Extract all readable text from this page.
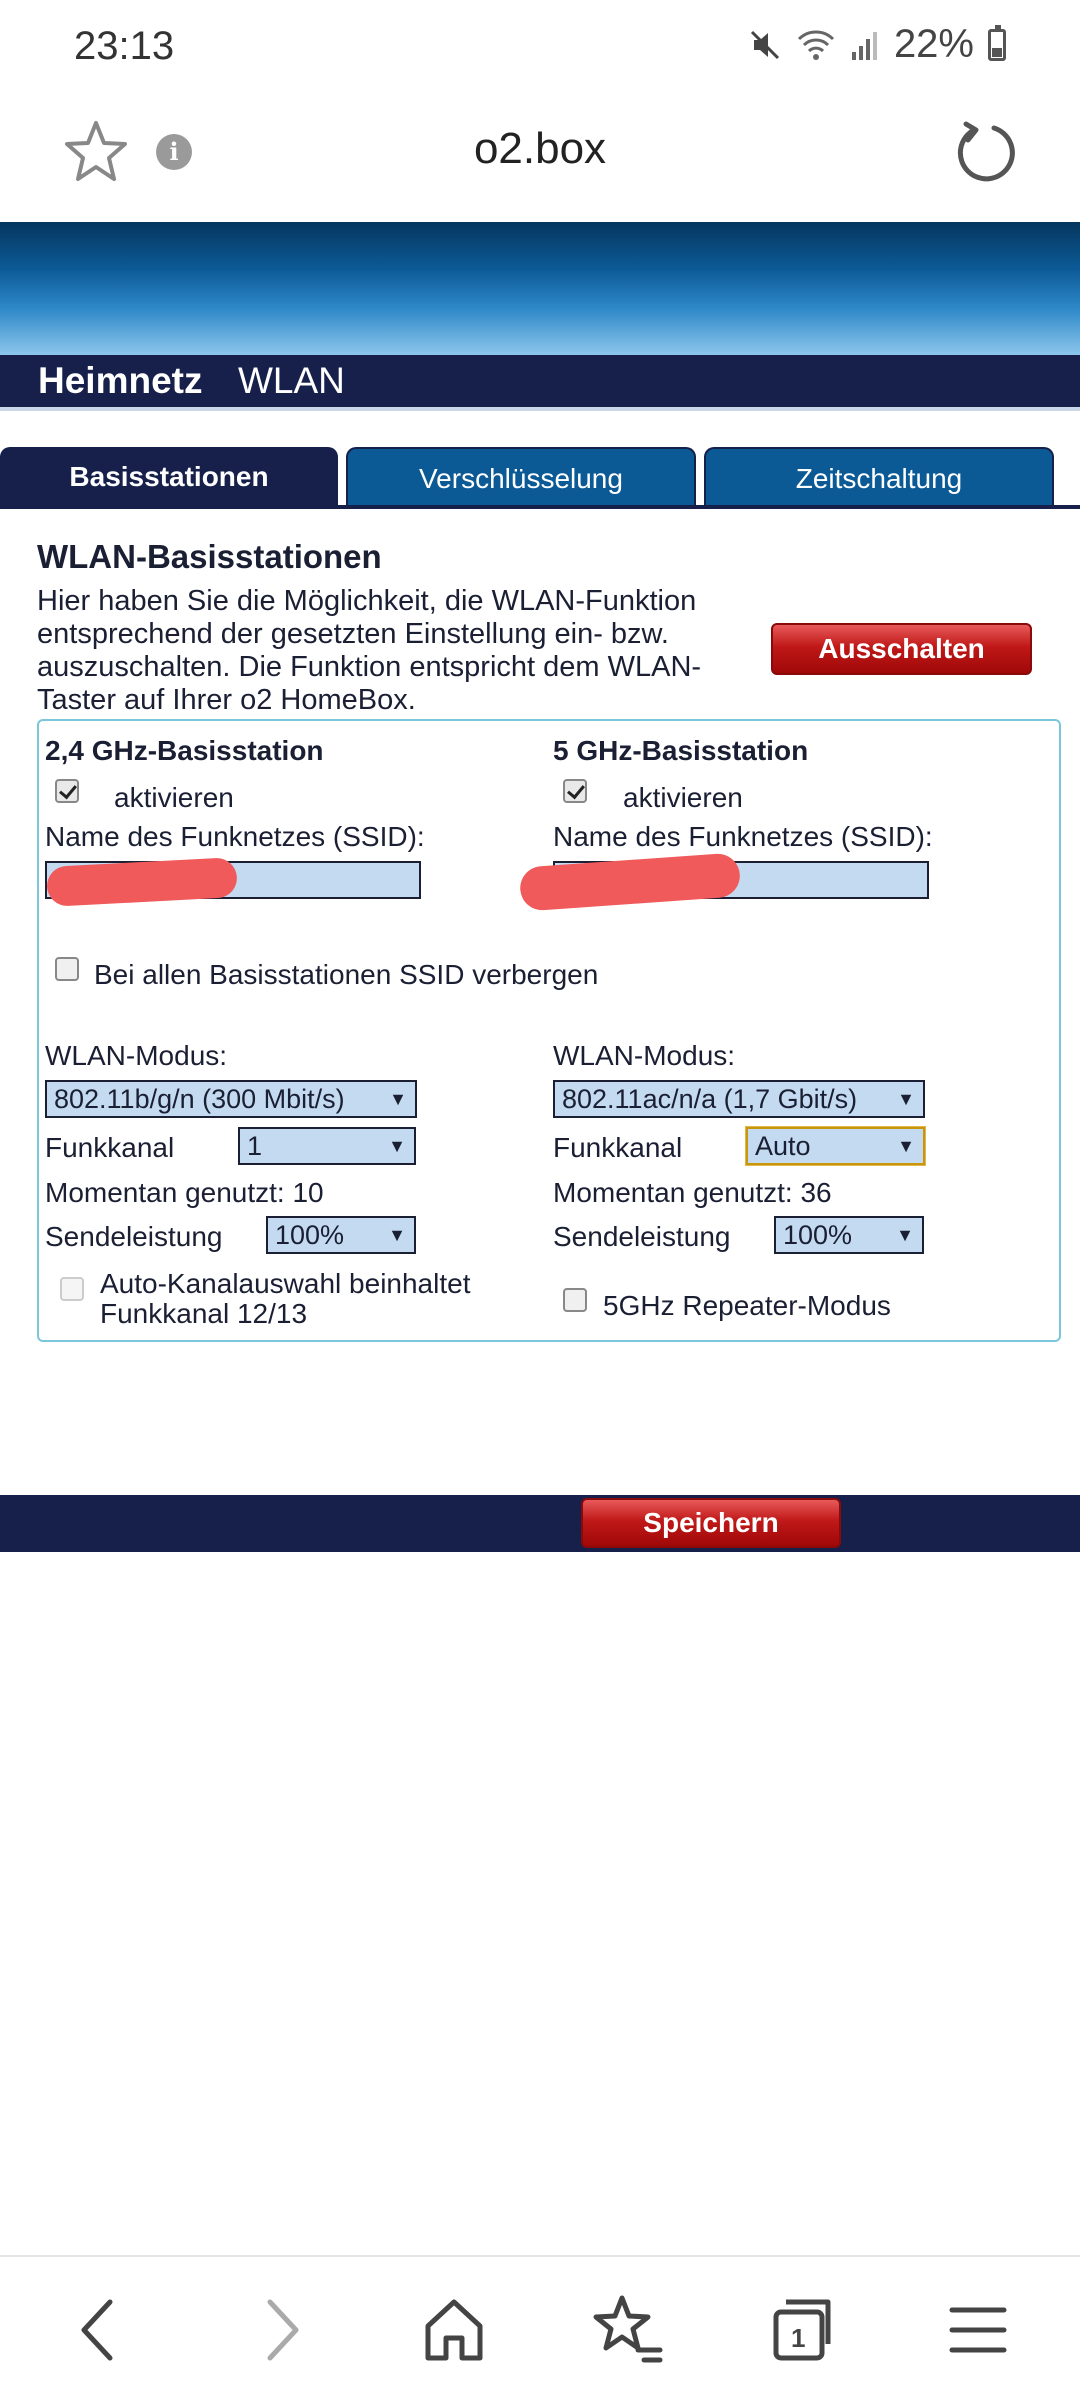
23:13	22%
i	o2.box
Heimnetz WLAN
Basisstationen	Verschlüsselung	Zeitschaltung
WLAN-Basisstationen
Hier haben Sie die Möglichkeit, die WLAN-Funktion entsprechend der gesetzten Einstellung ein- bzw. auszuschalten. Die Funktion entspricht dem WLAN-Taster auf Ihrer o2 HomeBox.
Ausschalten
2,4 GHz-Basisstation
aktivieren
Name des Funknetzes (SSID):
5 GHz-Basisstation
aktivieren
Name des Funknetzes (SSID):
Bei allen Basisstationen SSID verbergen
WLAN-Modus:
802.11b/g/n (300 Mbit/s) ▼
WLAN-Modus:
802.11ac/n/a (1,7 Gbit/s) ▼
Funkkanal	1	▼	Funkkanal	Auto	▼
Momentan genutzt: 10	Momentan genutzt: 36
Sendeleistung	100% ▼	Sendeleistung	100% ▼
Auto-Kanalauswahl beinhaltet
Funkkanal 12/13	5GHz Repeater-Modus
Speichern
1
